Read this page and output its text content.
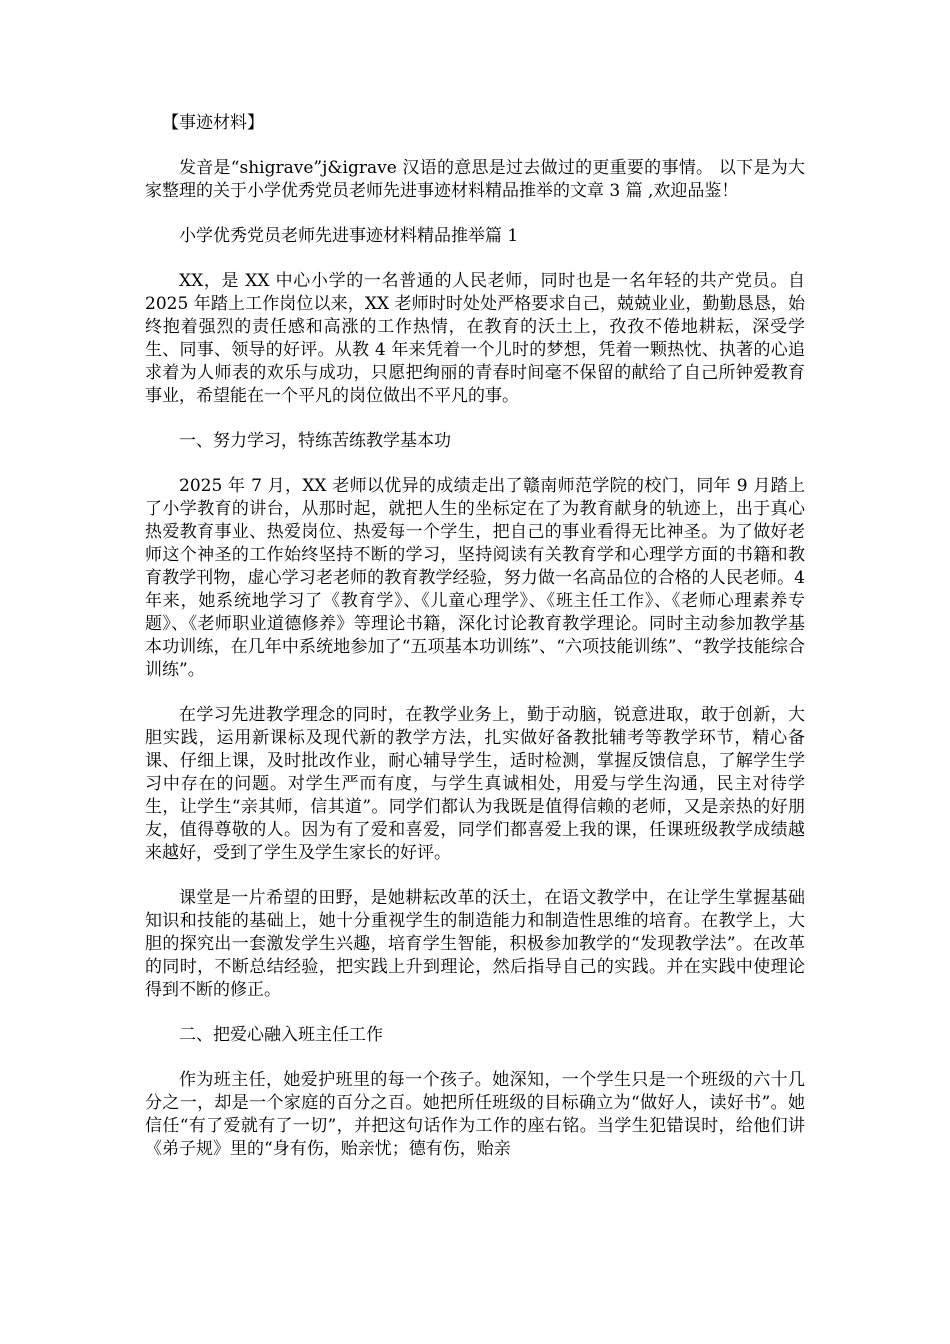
【事迹材料】

发音是“shigrave”j&igrave 汉语的意思是过去做过的更重要的事情。 以下是为大家整理的关于小学优秀党员老师先进事迹材料精品推举的文章 3 篇 ,欢迎品鉴！

小学优秀党员老师先进事迹材料精品推举篇 1

XX，是 XX 中心小学的一名普通的人民老师，同时也是一名年轻的共产党员。自 2025 年踏上工作岗位以来，XX 老师时时处处严格要求自己，兢兢业业，勤勤恳恳，始终抱着强烈的责任感和高涨的工作热情，在教育的沃土上，孜孜不倦地耕耘，深受学生、同事、领导的好评。从教 4 年来凭着一个儿时的梦想，凭着一颗热忱、执著的心追求着为人师表的欢乐与成功，只愿把绚丽的青春时间毫不保留的献给了自己所钟爱教育事业，希望能在一个平凡的岗位做出不平凡的事。

一、努力学习，特练苦练教学基本功

2025 年 7 月，XX 老师以优异的成绩走出了赣南师范学院的校门，同年 9 月踏上了小学教育的讲台，从那时起，就把人生的坐标定在了为教育献身的轨迹上，出于真心热爱教育事业、热爱岗位、热爱每一个学生，把自己的事业看得无比神圣。为了做好老师这个神圣的工作始终坚持不断的学习，坚持阅读有关教育学和心理学方面的书籍和教育教学刊物，虚心学习老老师的教育教学经验，努力做一名高品位的合格的人民老师。4 年来，她系统地学习了《教育学》、《儿童心理学》、《班主任工作》、《老师心理素养专题》、《老师职业道德修养》等理论书籍，深化讨论教育教学理论。同时主动参加教学基本功训练，在几年中系统地参加了“五项基本功训练”、“六项技能训练”、“教学技能综合训练”。

在学习先进教学理念的同时，在教学业务上，勤于动脑，锐意进取，敢于创新，大胆实践，运用新课标及现代新的教学方法，扎实做好备教批辅考等教学环节，精心备课、仔细上课，及时批改作业，耐心辅导学生，适时检测，掌握反馈信息，了解学生学习中存在的问题。对学生严而有度，与学生真诚相处，用爱与学生沟通，民主对待学生，让学生“亲其师，信其道”。同学们都认为我既是值得信赖的老师，又是亲热的好朋友，值得尊敬的人。因为有了爱和喜爱，同学们都喜爱上我的课，任课班级教学成绩越来越好，受到了学生及学生家长的好评。

课堂是一片希望的田野，是她耕耘改革的沃土，在语文教学中，在让学生掌握基础知识和技能的基础上，她十分重视学生的制造能力和制造性思维的培育。在教学上，大胆的探究出一套激发学生兴趣，培育学生智能，积极参加教学的“发现教学法”。在改革的同时，不断总结经验，把实践上升到理论，然后指导自己的实践。并在实践中使理论得到不断的修正。

二、把爱心融入班主任工作

作为班主任，她爱护班里的每一个孩子。她深知，一个学生只是一个班级的六十几分之一，却是一个家庭的百分之百。她把所任班级的目标确立为“做好人，读好书”。她信任“有了爱就有了一切”，并把这句话作为工作的座右铭。当学生犯错误时，给他们讲《弟子规》里的“身有伤，贻亲忧；德有伤，贻亲
